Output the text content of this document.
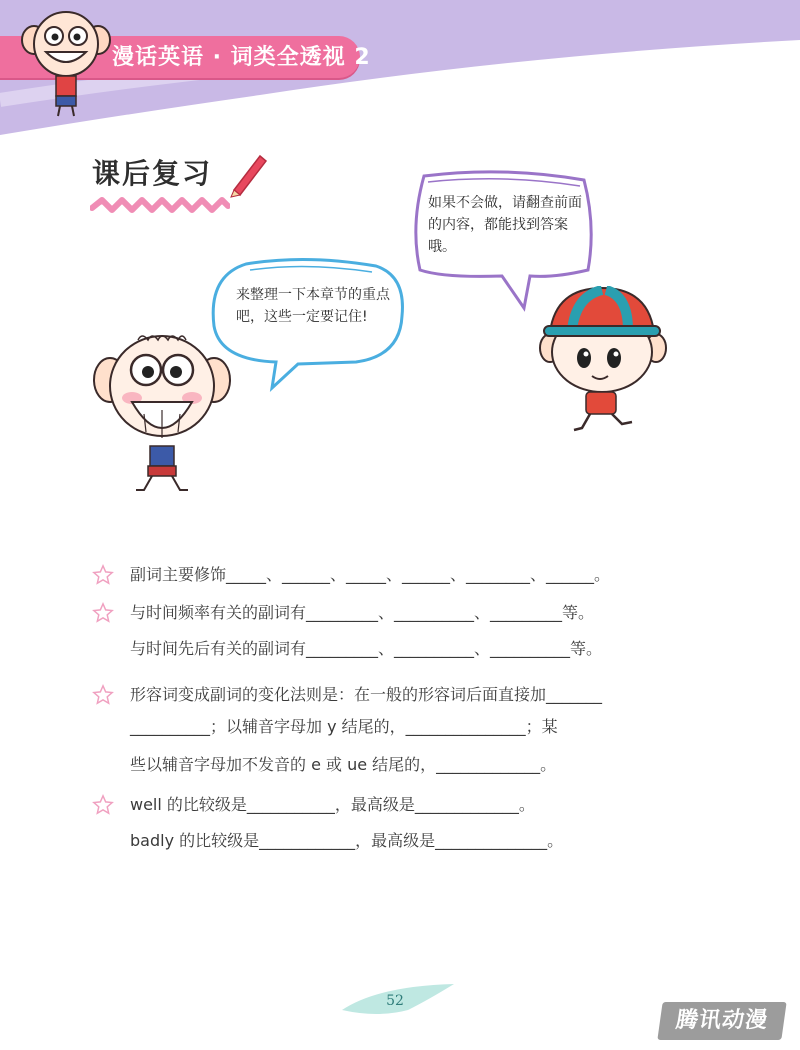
漫话英语 · 词类全透视 2
课后复习
来整理一下本章节的重点吧，这些一定要记住!
如果不会做，请翻查前面的内容，都能找到答案哦。
副词主要修饰_____、______、_____、______、________、______。
与时间频率有关的副词有_________、__________、_________等。
与时间先后有关的副词有_________、__________、__________等。
形容词变成副词的变化法则是：在一般的形容词后面直接加_______
__________；以辅音字母加 y 结尾的，_______________；某
些以辅音字母加不发音的 e 或 ue 结尾的，_____________。
well 的比较级是___________，最高级是_____________。
badly 的比较级是____________，最高级是______________。
52
腾讯动漫
